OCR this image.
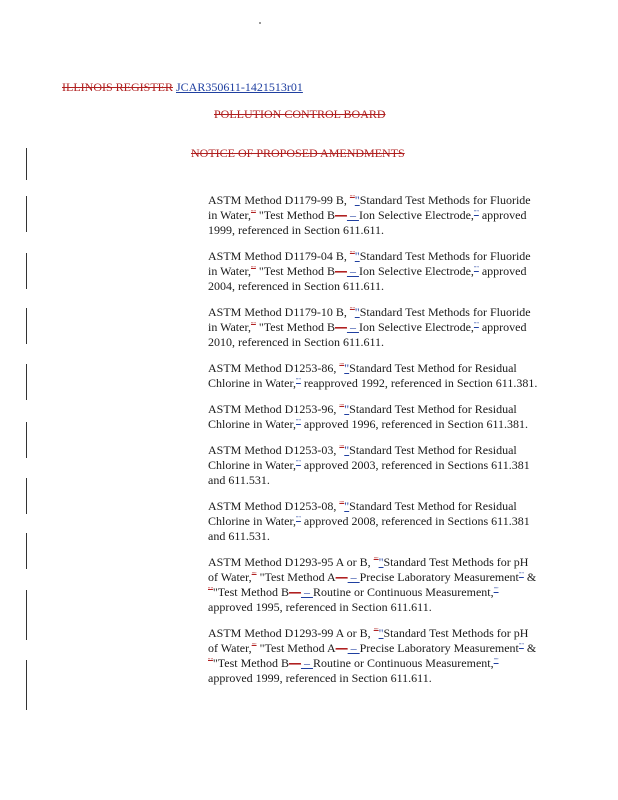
ILLINOIS REGISTER JCAR350611-1421513r01
POLLUTION CONTROL BOARD
NOTICE OF PROPOSED AMENDMENTS
ASTM Method D1179-99 B, """Standard Test Methods for Fluoride in Water,"" "Test Method B— – Ion Selective Electrode,"" approved 1999, referenced in Section 611.611.
ASTM Method D1179-04 B, """Standard Test Methods for Fluoride in Water,"" "Test Method B— – Ion Selective Electrode,"" approved 2004, referenced in Section 611.611.
ASTM Method D1179-10 B, """Standard Test Methods for Fluoride in Water,"" "Test Method B— – Ion Selective Electrode,"" approved 2010, referenced in Section 611.611.
ASTM Method D1253-86, """Standard Test Method for Residual Chlorine in Water,"" reapproved 1992, referenced in Section 611.381.
ASTM Method D1253-96, """Standard Test Method for Residual Chlorine in Water,"" approved 1996, referenced in Section 611.381.
ASTM Method D1253-03, """Standard Test Method for Residual Chlorine in Water,"" approved 2003, referenced in Sections 611.381 and 611.531.
ASTM Method D1253-08, """Standard Test Method for Residual Chlorine in Water,"" approved 2008, referenced in Sections 611.381 and 611.531.
ASTM Method D1293-95 A or B, """Standard Test Methods for pH of Water,"" "Test Method A— – Precise Laboratory Measurement"" & """Test Method B— – Routine or Continuous Measurement,"" approved 1995, referenced in Section 611.611.
ASTM Method D1293-99 A or B, """Standard Test Methods for pH of Water,"" "Test Method A— – Precise Laboratory Measurement"" & """Test Method B— – Routine or Continuous Measurement,"" approved 1999, referenced in Section 611.611.
